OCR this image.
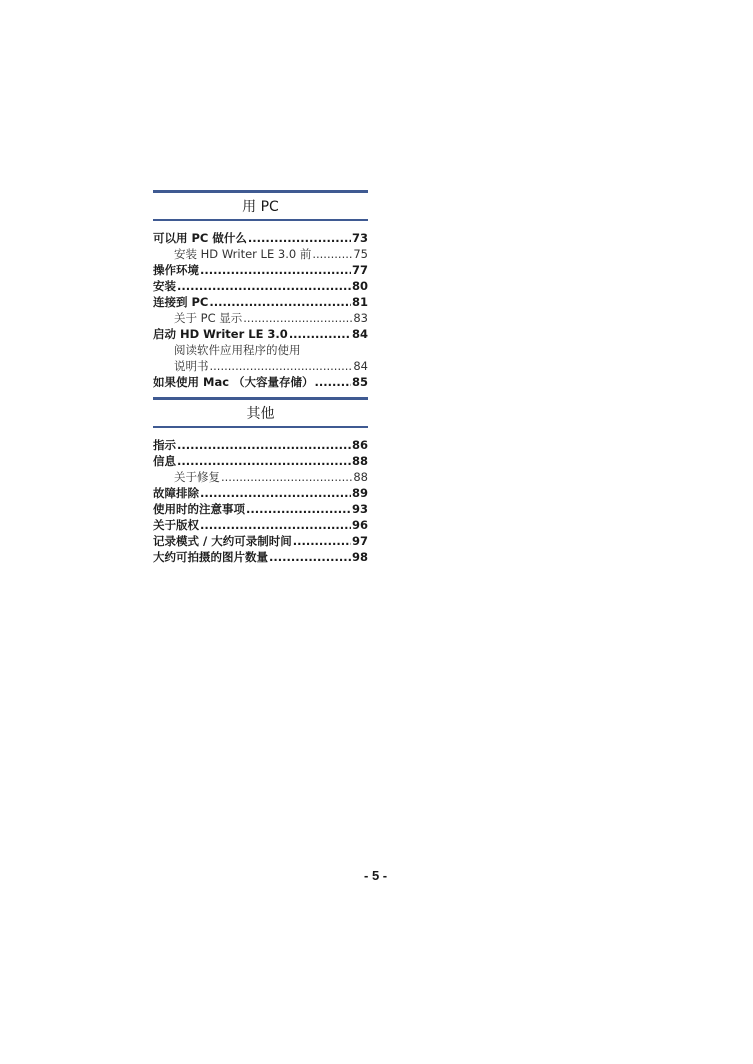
用 PC
可以用 PC 做什么 .....	73
安装 HD Writer LE 3.0 前 .....	75
操作环境 .....	77
安装 .....	80
连接到 PC .....	81
关于 PC 显示 .....	83
启动 HD Writer LE 3.0 .....	84
阅读软件应用程序的使用
说明书 .....	84
如果使用 Mac （大容量存储） .....	85
其他
指示 .....	86
信息 .....	88
关于修复 .....	88
故障排除 .....	89
使用时的注意事项 .....	93
关于版权 .....	96
记录模式 / 大约可录制时间 .....	97
大约可拍摄的图片数量 .....	98
- 5 -
